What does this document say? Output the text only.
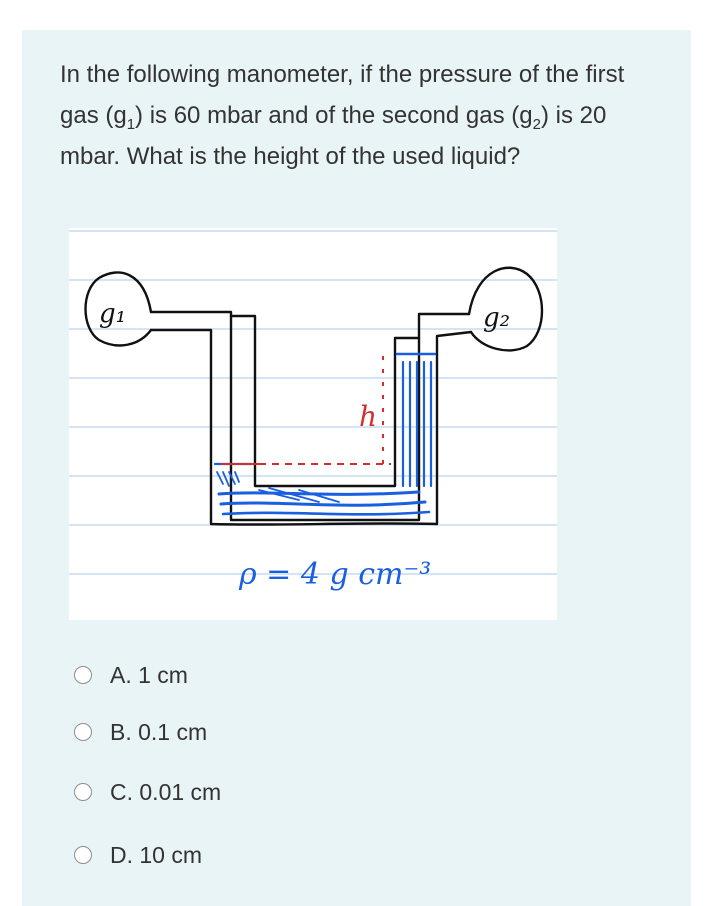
In the following manometer, if the pressure of the first gas $(g_1)$ is 60 mbar and of the second gas $(g_2)$ is 20 mbar. What is the height of the used liquid?
g₁	g₂
h
ρ = 4 g cm⁻³
A. 1 cm
B. 0.1 cm
C. 0.01 cm
D. 10 cm
